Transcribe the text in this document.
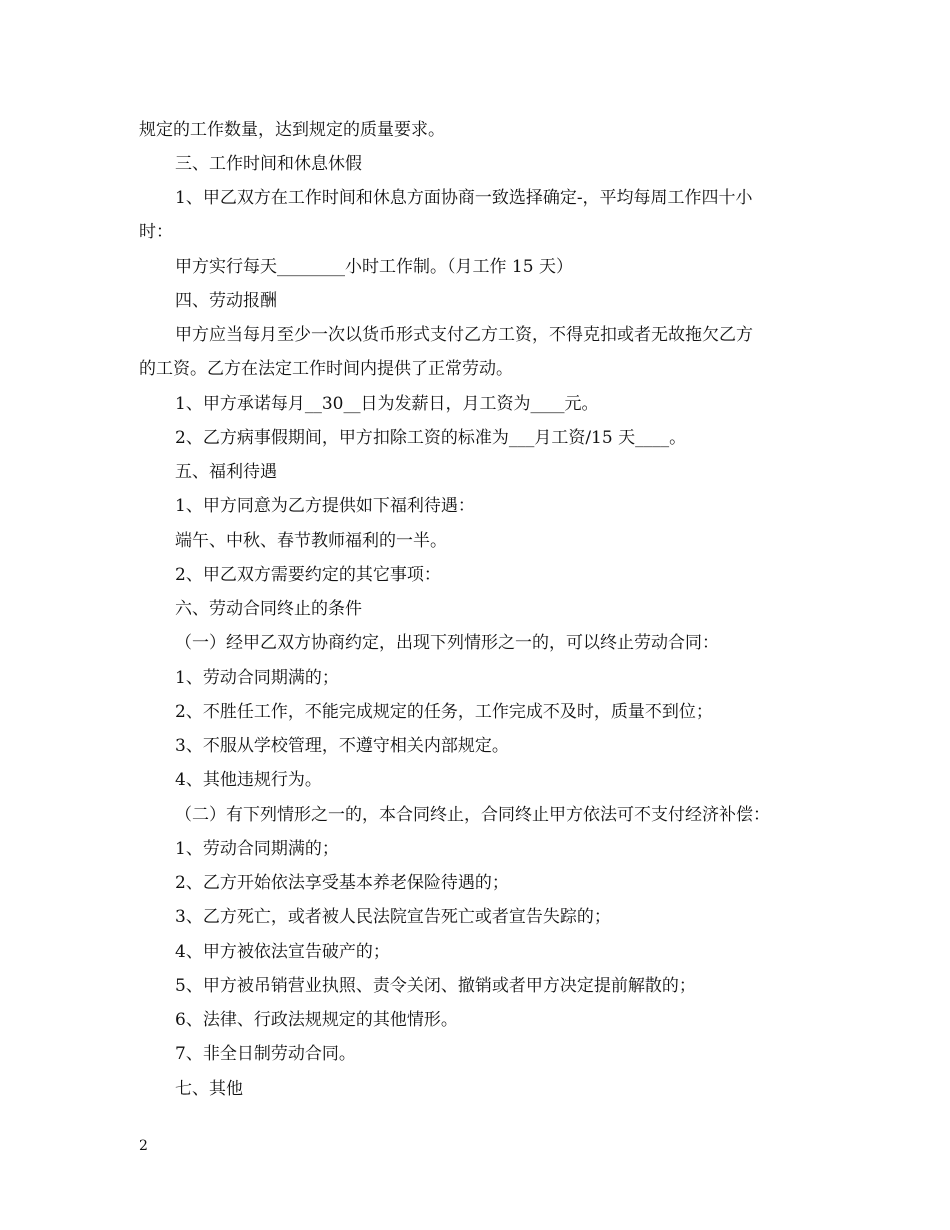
规定的工作数量，达到规定的质量要求。
三、工作时间和休息休假
1、甲乙双方在工作时间和休息方面协商一致选择确定-，平均每周工作四十小
时：
甲方实行每天________小时工作制。（月工作 15 天）
四、劳动报酬
甲方应当每月至少一次以货币形式支付乙方工资，不得克扣或者无故拖欠乙方
的工资。乙方在法定工作时间内提供了正常劳动。
1、甲方承诺每月__30__日为发薪日，月工资为____元。
2、乙方病事假期间，甲方扣除工资的标准为___月工资/15 天____。
五、福利待遇
1、甲方同意为乙方提供如下福利待遇：
端午、中秋、春节教师福利的一半。
2、甲乙双方需要约定的其它事项：
六、劳动合同终止的条件
（一）经甲乙双方协商约定，出现下列情形之一的，可以终止劳动合同：
1、劳动合同期满的；
2、不胜任工作，不能完成规定的任务，工作完成不及时，质量不到位；
3、不服从学校管理，不遵守相关内部规定。
4、其他违规行为。
（二）有下列情形之一的，本合同终止，合同终止甲方依法可不支付经济补偿：
1、劳动合同期满的；
2、乙方开始依法享受基本养老保险待遇的；
3、乙方死亡，或者被人民法院宣告死亡或者宣告失踪的；
4、甲方被依法宣告破产的；
5、甲方被吊销营业执照、责令关闭、撤销或者甲方决定提前解散的；
6、法律、行政法规规定的其他情形。
7、非全日制劳动合同。
七、其他
2
